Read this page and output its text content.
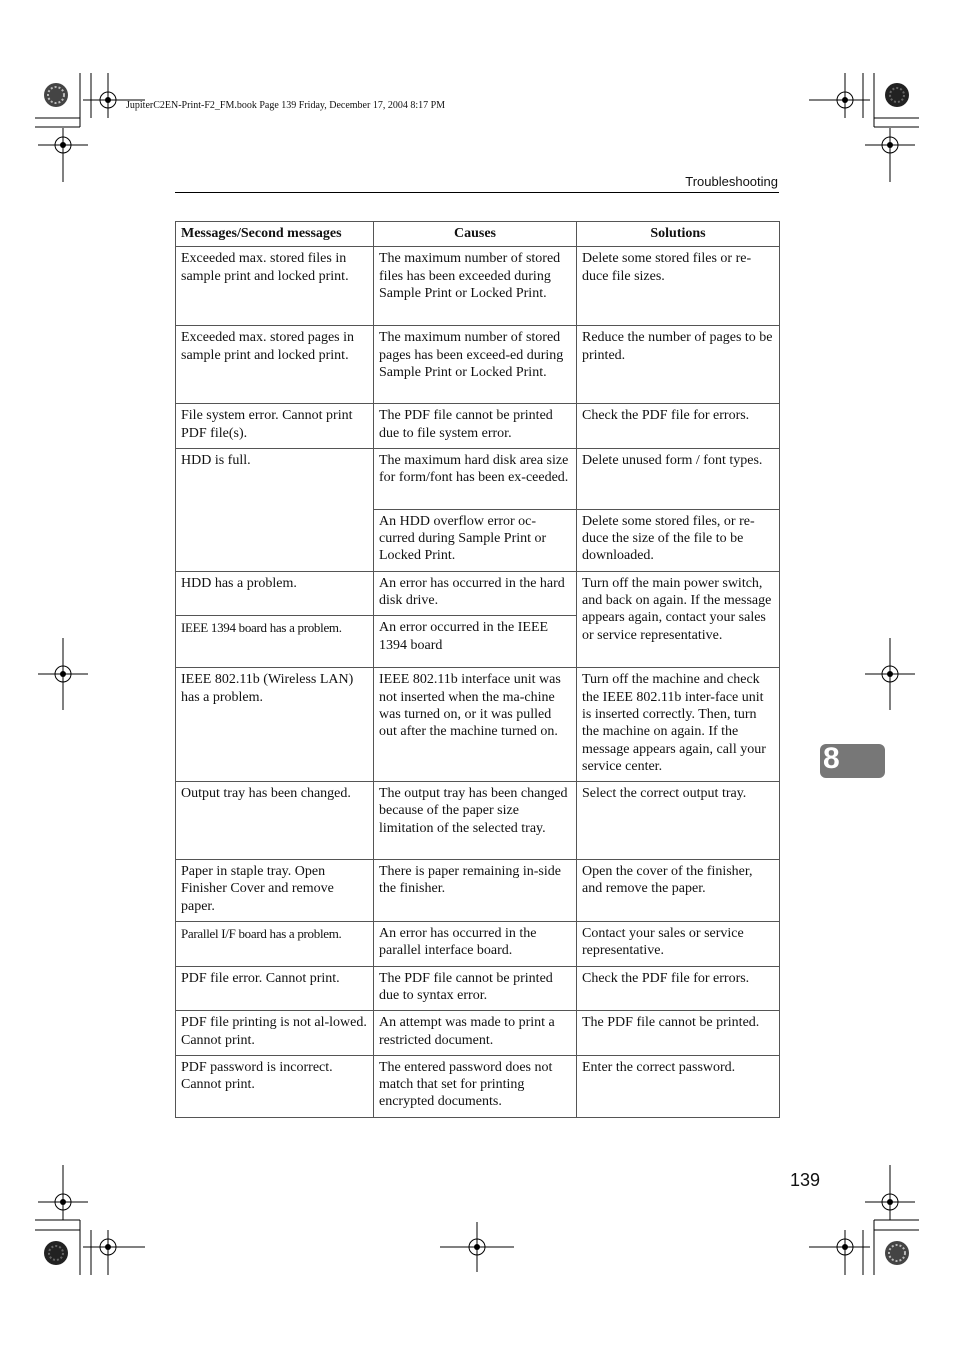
JupiterC2EN-Print-F2_FM.book Page 139 Friday, December 17, 2004 8:17 PM
Troubleshooting
Messages/Second messages	Causes	Solutions
Exceeded max. stored files in sample print and locked print.	The maximum number of stored files has been exceeded during Sample Print or Locked Print.	Delete some stored files or re-duce file sizes.
Exceeded max. stored pages in sample print and locked print.	The maximum number of stored pages has been exceed-ed during Sample Print or Locked Print.	Reduce the number of pages to be printed.
File system error. Cannot print PDF file(s).	The PDF file cannot be printed due to file system error.	Check the PDF file for errors.
HDD is full.	The maximum hard disk area size for form/font has been ex-ceeded.	Delete unused form / font types.
	An HDD overflow error oc-curred during Sample Print or Locked Print.	Delete some stored files, or re-duce the size of the file to be downloaded.
HDD has a problem.	An error has occurred in the hard disk drive.	Turn off the main power switch, and back on again. If the message appears again, contact your sales or service representative.
IEEE 1394 board has a problem.	An error occurred in the IEEE 1394 board	
IEEE 802.11b (Wireless LAN) has a problem.	IEEE 802.11b interface unit was not inserted when the ma-chine was turned on, or it was pulled out after the machine turned on.	Turn off the machine and check the IEEE 802.11b inter-face unit is inserted correctly. Then, turn the machine on again. If the message appears again, call your service center.
Output tray has been changed.	The output tray has been changed because of the paper size limitation of the selected tray.	Select the correct output tray.
Paper in staple tray. Open Finisher Cover and remove paper.	There is paper remaining in-side the finisher.	Open the cover of the finisher, and remove the paper.
Parallel I/F board has a problem.	An error has occurred in the parallel interface board.	Contact your sales or service representative.
PDF file error. Cannot print.	The PDF file cannot be printed due to syntax error.	Check the PDF file for errors.
PDF file printing is not al-lowed. Cannot print.	An attempt was made to print a restricted document.	The PDF file cannot be printed.
PDF password is incorrect. Cannot print.	The entered password does not match that set for printing encrypted documents.	Enter the correct password.
8
139
